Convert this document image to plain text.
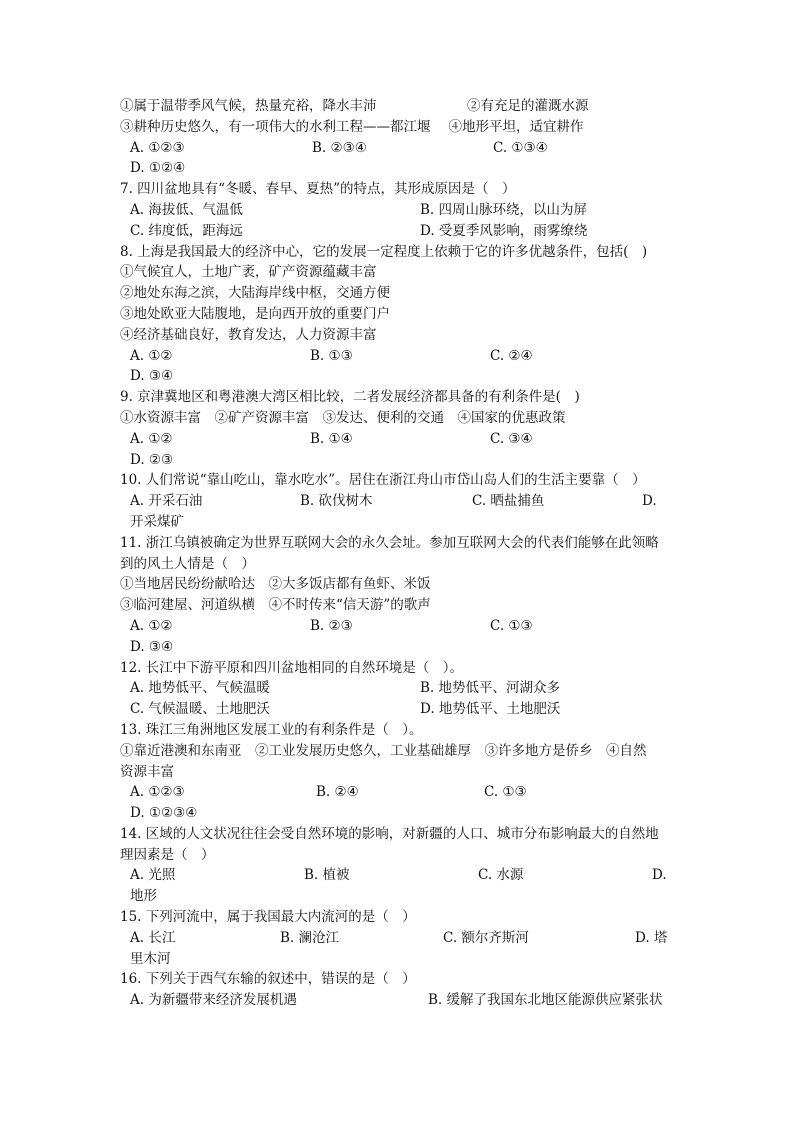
①属于温带季风气候，热量充裕，降水丰沛	②有充足的灌溉水源
③耕种历史悠久，有一项伟大的水利工程——都江堰 ④地形平坦，适宜耕作
A. ①②③	B. ②③④	C. ①③④
D. ①②④
7. 四川盆地具有“冬暖、春早、夏热”的特点，其形成原因是（　）
A. 海拔低、气温低	B. 四周山脉环绕，以山为屏
C. 纬度低，距海远	D. 受夏季风影响，雨雾缭绕
8. 上海是我国最大的经济中心，它的发展一定程度上依赖于它的许多优越条件，包括(　)
①气候宜人，土地广袤，矿产资源蕴藏丰富
②地处东海之滨，大陆海岸线中枢，交通方便
③地处欧亚大陆腹地，是向西开放的重要门户
④经济基础良好，教育发达，人力资源丰富
A. ①②	B. ①③	C. ②④
D. ③④
9. 京津冀地区和粤港澳大湾区相比较，二者发展经济都具备的有利条件是(　)
①水资源丰富　②矿产资源丰富　③发达、便利的交通　④国家的优惠政策
A. ①②	B. ①④	C. ③④
D. ②③
10. 人们常说“靠山吃山，靠水吃水”。居住在浙江舟山市岱山岛人们的生活主要靠（　）
A. 开采石油	B. 砍伐树木	C. 晒盐捕鱼	D.
开采煤矿
11. 浙江乌镇被确定为世界互联网大会的永久会址。参加互联网大会的代表们能够在此领略
到的风土人情是（　）
①当地居民纷纷献哈达　②大多饭店都有鱼虾、米饭
③临河建屋、河道纵横　④不时传来“信天游”的歌声
A. ①②	B. ②③	C. ①③
D. ③④
12. 长江中下游平原和四川盆地相同的自然环境是（　）。
A. 地势低平、气候温暖	B. 地势低平、河湖众多
C. 气候温暖、土地肥沃	D. 地势低平、土地肥沃
13. 珠江三角洲地区发展工业的有利条件是（　）。
①靠近港澳和东南亚　②工业发展历史悠久，工业基础雄厚　③许多地方是侨乡　④自然
资源丰富
A. ①②③	B. ②④	C. ①③
D. ①②③④
14. 区域的人文状况往往会受自然环境的影响，对新疆的人口、城市分布影响最大的自然地
理因素是（　）
A. 光照	B. 植被	C. 水源	D.
地形
15. 下列河流中，属于我国最大内流河的是（　）
A. 长江	B. 澜沧江	C. 额尔齐斯河	D. 塔
里木河
16. 下列关于西气东输的叙述中，错误的是（　）
A. 为新疆带来经济发展机遇	B. 缓解了我国东北地区能源供应紧张状
